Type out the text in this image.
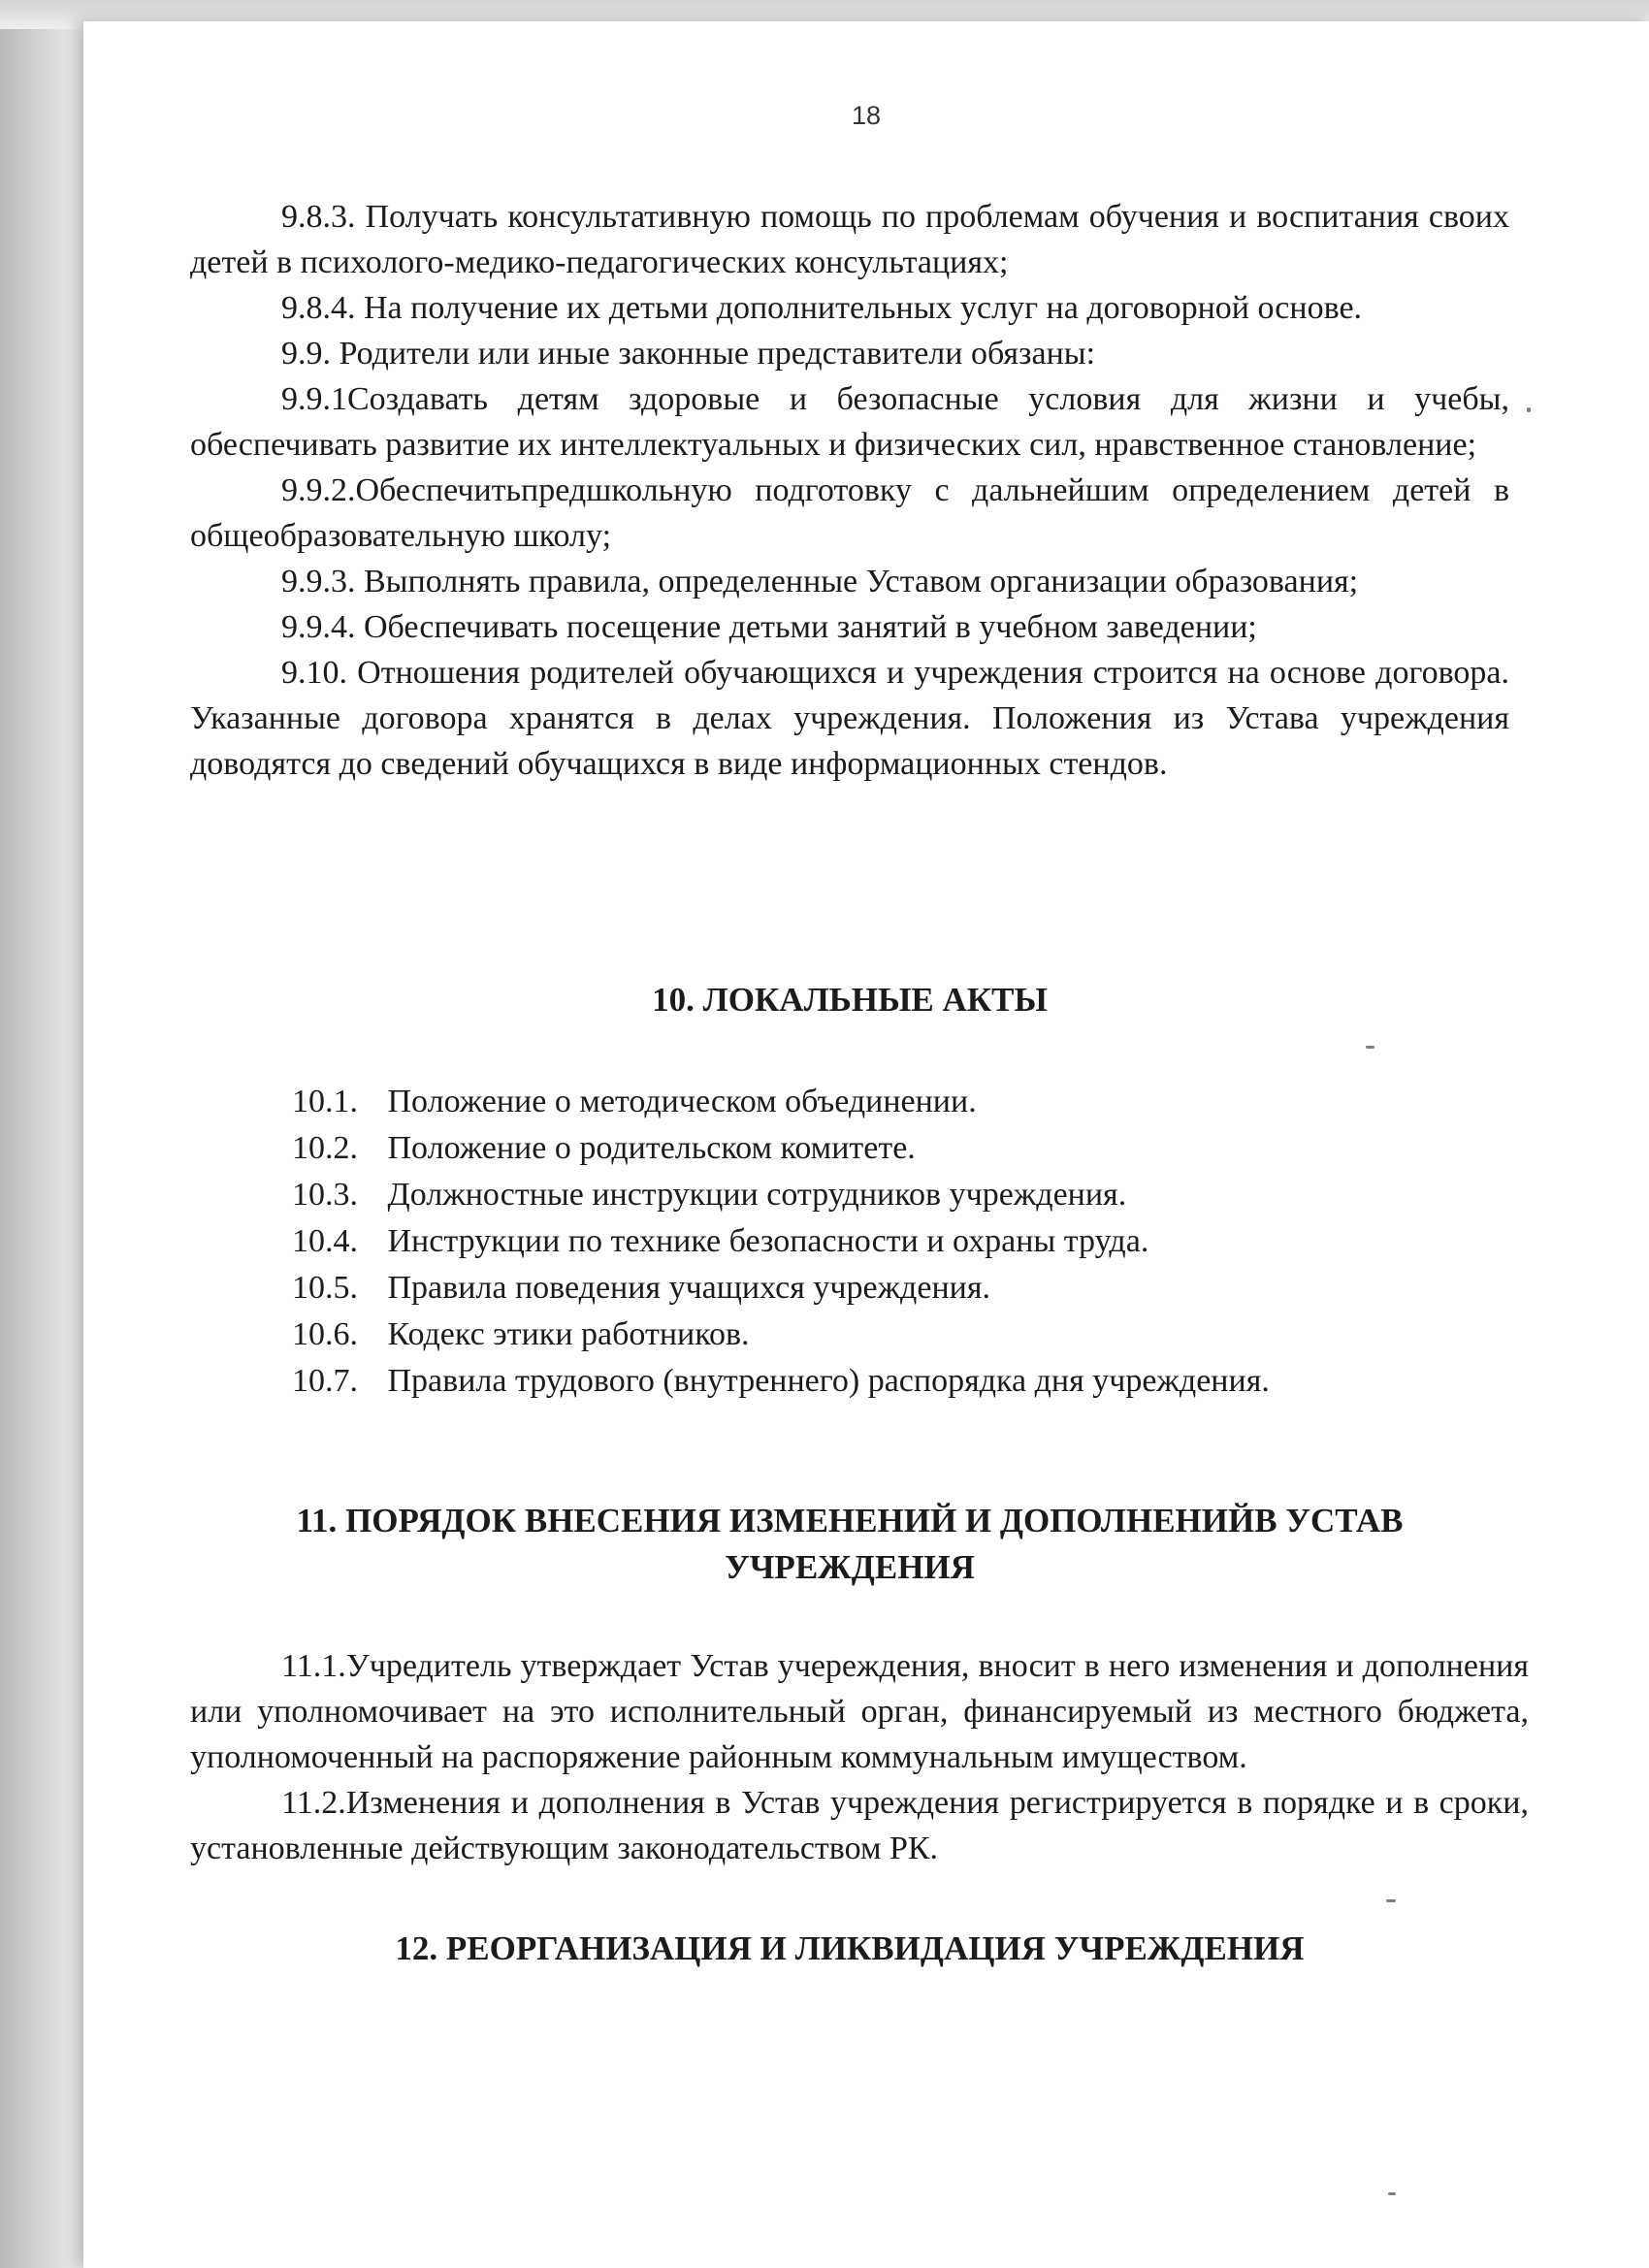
18

9.8.3. Получать консультативную помощь по проблемам обучения и воспитания своих детей в психолого-медико-педагогических консультациях;

9.8.4. На получение их детьми дополнительных услуг на договорной основе.

9.9. Родители или иные законные представители обязаны:

9.9.1Создавать детям здоровые и безопасные условия для жизни и учебы, обеспечивать развитие их интеллектуальных и физических сил, нравственное становление;

9.9.2.Обеспечитьпредшкольную подготовку с дальнейшим определением детей в общеобразовательную школу;

9.9.3. Выполнять правила, определенные Уставом организации образования;

9.9.4. Обеспечивать посещение детьми занятий в учебном заведении;

9.10. Отношения родителей обучающихся и учреждения строится на основе договора. Указанные договора хранятся в делах учреждения. Положения из Устава учреждения доводятся до сведений обучащихся в виде информационных стендов.

10. ЛОКАЛЬНЫЕ АКТЫ
10.1. Положение о методическом объединении.
10.2. Положение о родительском комитете.
10.3. Должностные инструкции сотрудников учреждения.
10.4. Инструкции по технике безопасности и охраны труда.
10.5. Правила поведения учащихся учреждения.
10.6. Кодекс этики работников.
10.7. Правила трудового (внутреннего) распорядка дня учреждения.
11. ПОРЯДОК ВНЕСЕНИЯ ИЗМЕНЕНИЙ И ДОПОЛНЕНИЙВ УСТАВ
УЧРЕЖДЕНИЯ

11.1.Учредитель утверждает Устав учереждения, вносит в него изменения и дополнения или уполномочивает на это исполнительный орган, финансируемый из местного бюджета, уполномоченный на распоряжение районным коммунальным имуществом.

11.2.Изменения и дополнения в Устав учреждения регистрируется в порядке и в сроки, установленные действующим законодательством РК.

12. РЕОРГАНИЗАЦИЯ И ЛИКВИДАЦИЯ УЧРЕЖДЕНИЯ
